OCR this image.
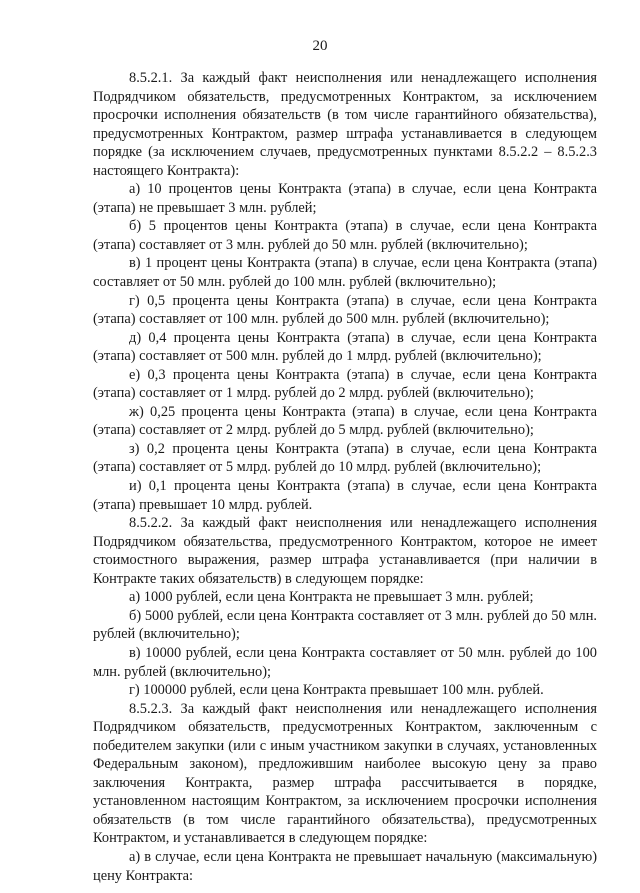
20
8.5.2.1. За каждый факт неисполнения или ненадлежащего исполнения
Подрядчиком обязательств, предусмотренных Контрактом, за исключением
просрочки исполнения обязательств (в том числе гарантийного обязательства),
предусмотренных Контрактом, размер штрафа устанавливается в следующем
порядке (за исключением случаев, предусмотренных пунктами 8.5.2.2 – 8.5.2.3
настоящего Контракта):
а) 10 процентов цены Контракта (этапа) в случае, если цена Контракта
(этапа) не превышает 3 млн. рублей;
б) 5 процентов цены Контракта (этапа) в случае, если цена Контракта
(этапа) составляет от 3 млн. рублей до 50 млн. рублей (включительно);
в) 1 процент цены Контракта (этапа) в случае, если цена Контракта (этапа)
составляет от 50 млн. рублей до 100 млн. рублей (включительно);
г) 0,5 процента цены Контракта (этапа) в случае, если цена Контракта
(этапа) составляет от 100 млн. рублей до 500 млн. рублей (включительно);
д) 0,4 процента цены Контракта (этапа) в случае, если цена Контракта
(этапа) составляет от 500 млн. рублей до 1 млрд. рублей (включительно);
е) 0,3 процента цены Контракта (этапа) в случае, если цена Контракта
(этапа) составляет от 1 млрд. рублей до 2 млрд. рублей (включительно);
ж) 0,25 процента цены Контракта (этапа) в случае, если цена Контракта
(этапа) составляет от 2 млрд. рублей до 5 млрд. рублей (включительно);
з) 0,2 процента цены Контракта (этапа) в случае, если цена Контракта
(этапа) составляет от 5 млрд. рублей до 10 млрд. рублей (включительно);
и) 0,1 процента цены Контракта (этапа) в случае, если цена Контракта
(этапа) превышает 10 млрд. рублей.
8.5.2.2. За каждый факт неисполнения или ненадлежащего исполнения
Подрядчиком обязательства, предусмотренного Контрактом, которое не имеет
стоимостного выражения, размер штрафа устанавливается (при наличии в
Контракте таких обязательств) в следующем порядке:
а) 1000 рублей, если цена Контракта не превышает 3 млн. рублей;
б) 5000 рублей, если цена Контракта составляет от 3 млн. рублей до 50 млн.
рублей (включительно);
в) 10000 рублей, если цена Контракта составляет от 50 млн. рублей до 100
млн. рублей (включительно);
г) 100000 рублей, если цена Контракта превышает 100 млн. рублей.
8.5.2.3. За каждый факт неисполнения или ненадлежащего исполнения
Подрядчиком обязательств, предусмотренных Контрактом, заключенным с
победителем закупки (или с иным участником закупки в случаях, установленных
Федеральным законом), предложившим наиболее высокую цену за право
заключения Контракта, размер штрафа рассчитывается в порядке,
установленном настоящим Контрактом, за исключением просрочки исполнения
обязательств (в том числе гарантийного обязательства), предусмотренных
Контрактом, и устанавливается в следующем порядке:
а) в случае, если цена Контракта не превышает начальную (максимальную)
цену Контракта:
